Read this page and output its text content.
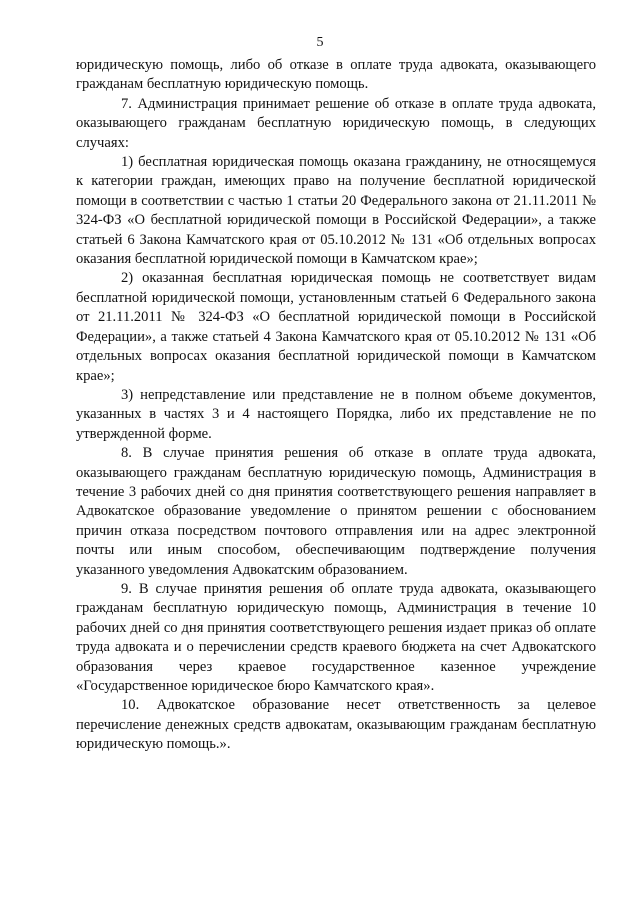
5

юридическую помощь, либо об отказе в оплате труда адвоката, оказывающего гражданам бесплатную юридическую помощь.

7. Администрация принимает решение об отказе в оплате труда адвоката, оказывающего гражданам бесплатную юридическую помощь, в следующих случаях:

1) бесплатная юридическая помощь оказана гражданину, не относящемуся к категории граждан, имеющих право на получение бесплатной юридической помощи в соответствии с частью 1 статьи 20 Федерального закона от 21.11.2011 № 324-ФЗ «О бесплатной юридической помощи в Российской Федерации», а также статьей 6 Закона Камчатского края от 05.10.2012 № 131 «Об отдельных вопросах оказания бесплатной юридической помощи в Камчатском крае»;

2) оказанная бесплатная юридическая помощь не соответствует видам бесплатной юридической помощи, установленным статьей 6 Федерального закона от 21.11.2011 № 324-ФЗ «О бесплатной юридической помощи в Российской Федерации», а также статьей 4 Закона Камчатского края от 05.10.2012 № 131 «Об отдельных вопросах оказания бесплатной юридической помощи в Камчатском крае»;

3) непредставление или представление не в полном объеме документов, указанных в частях 3 и 4 настоящего Порядка, либо их представление не по утвержденной форме.

8. В случае принятия решения об отказе в оплате труда адвоката, оказывающего гражданам бесплатную юридическую помощь, Администрация в течение 3 рабочих дней со дня принятия соответствующего решения направляет в Адвокатское образование уведомление о принятом решении с обоснованием причин отказа посредством почтового отправления или на адрес электронной почты или иным способом, обеспечивающим подтверждение получения указанного уведомления Адвокатским образованием.

9. В случае принятия решения об оплате труда адвоката, оказывающего гражданам бесплатную юридическую помощь, Администрация в течение 10 рабочих дней со дня принятия соответствующего решения издает приказ об оплате труда адвоката и о перечислении средств краевого бюджета на счет Адвокатского образования через краевое государственное казенное учреждение «Государственное юридическое бюро Камчатского края».

10. Адвокатское образование несет ответственность за целевое перечисление денежных средств адвокатам, оказывающим гражданам бесплатную юридическую помощь.».
